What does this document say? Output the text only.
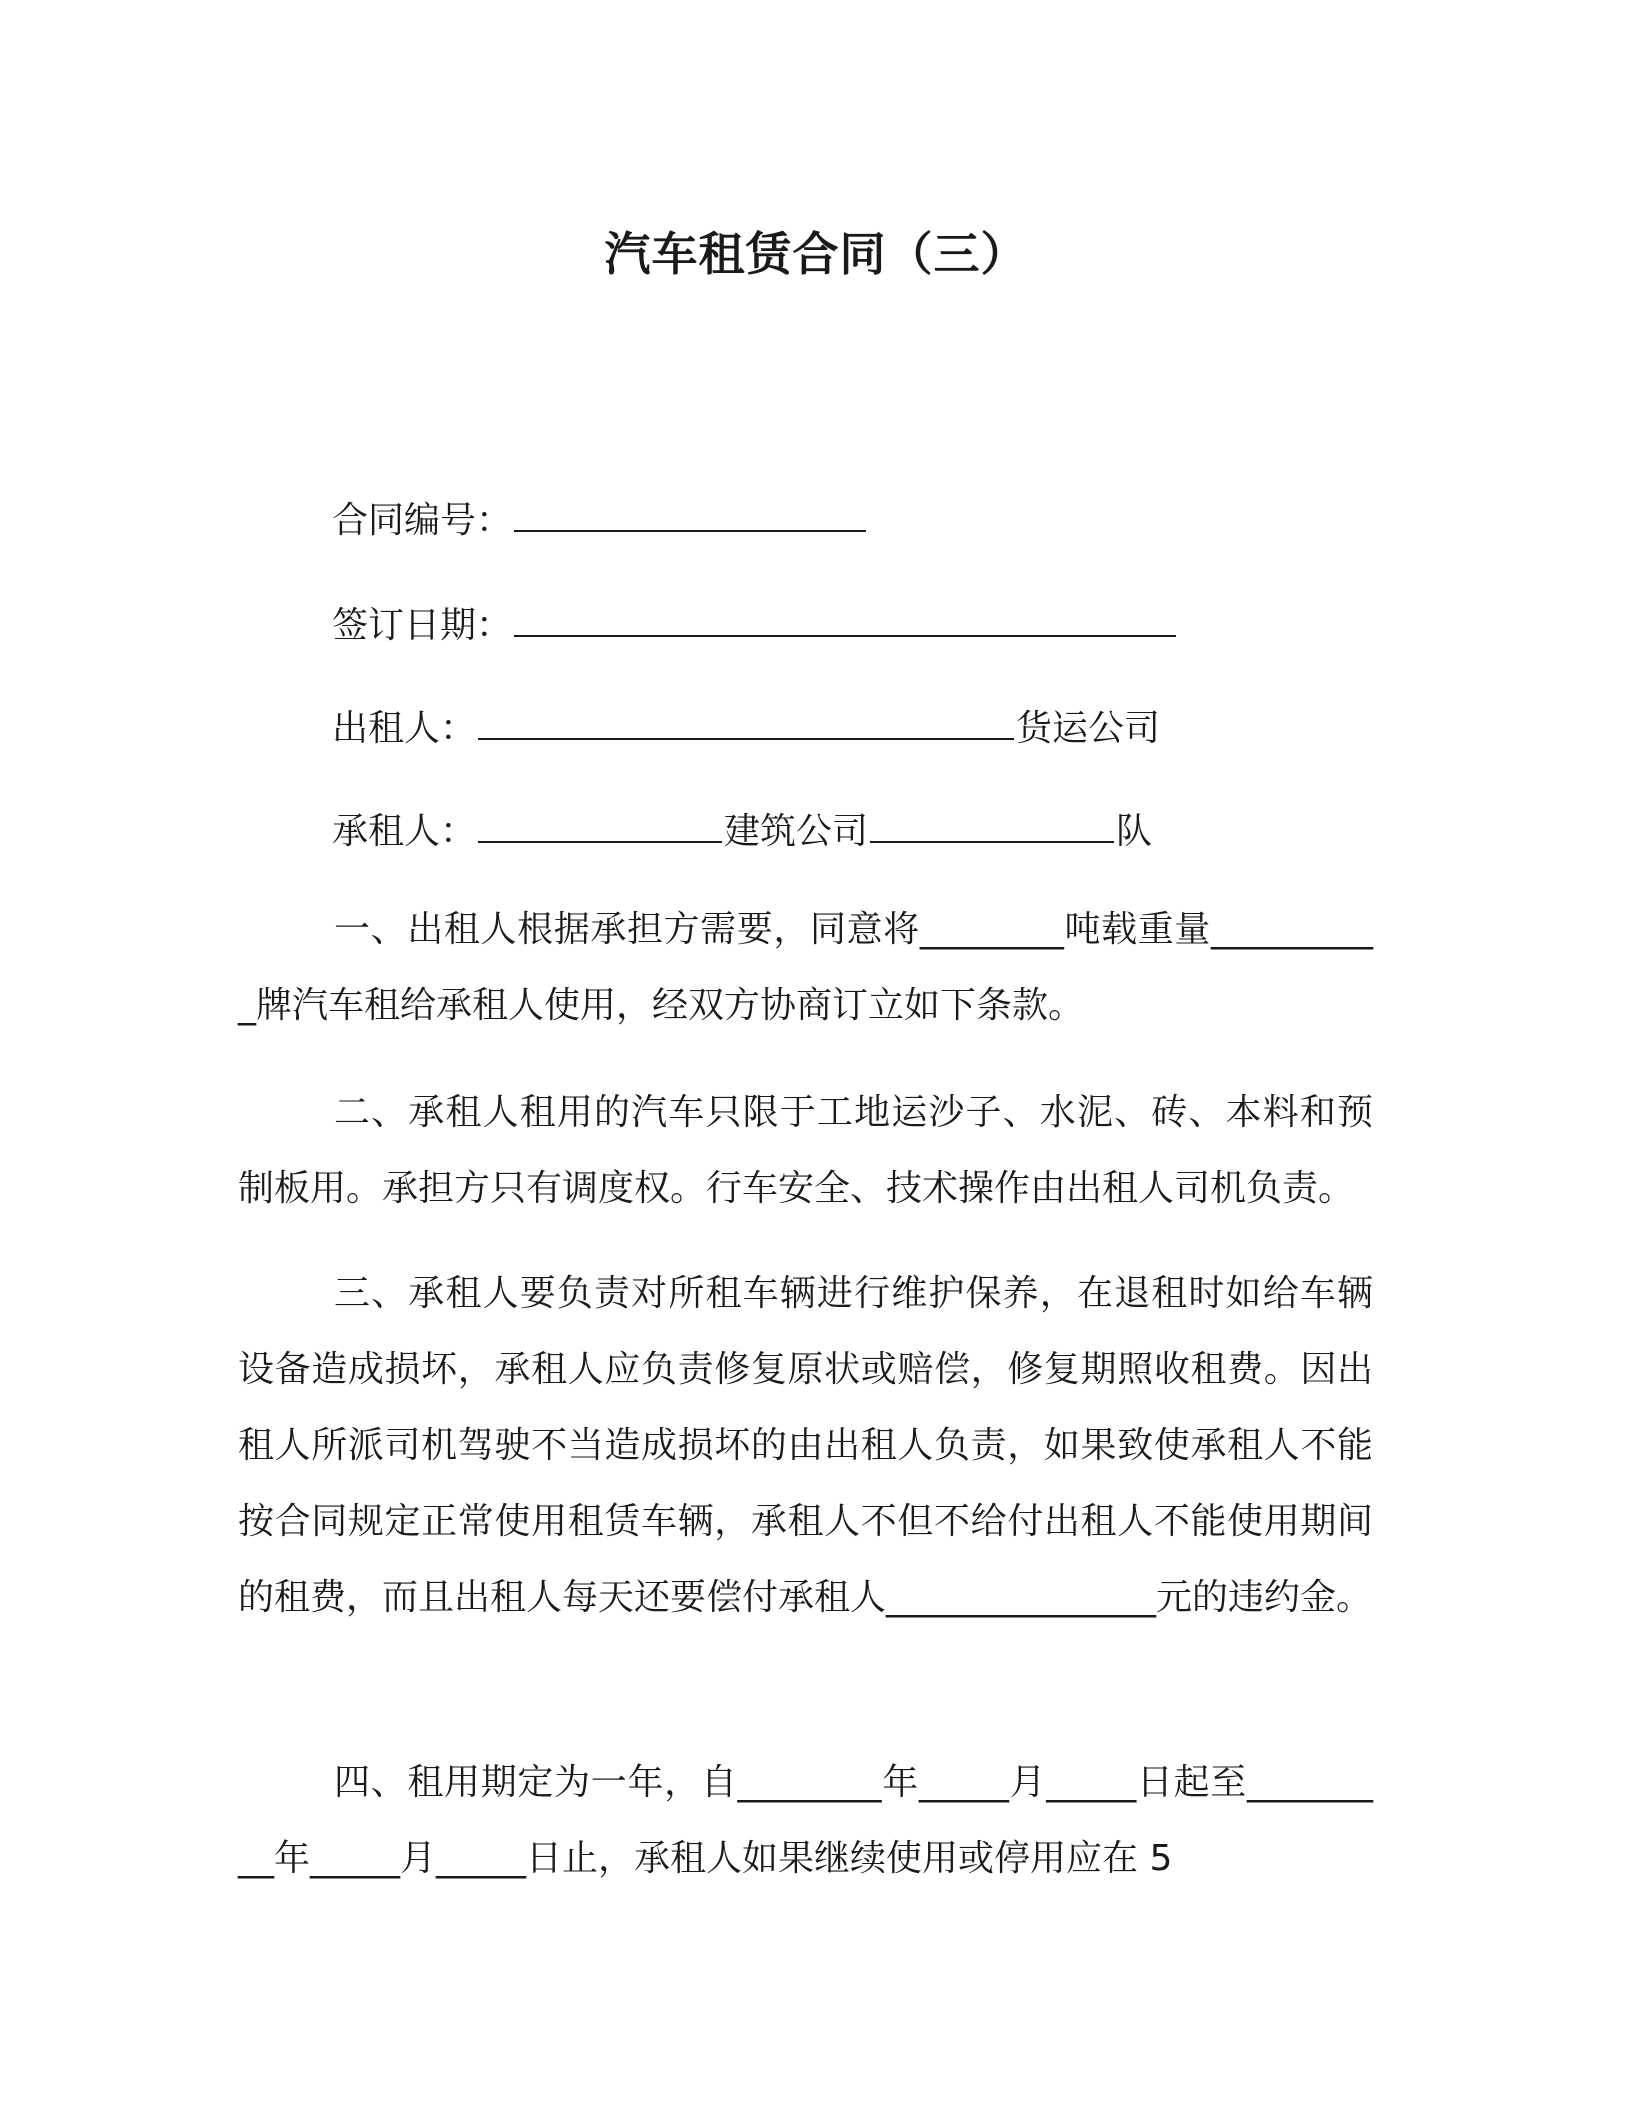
汽车租赁合同（三）
合同编号：
签订日期：
出租人：	货运公司
承租人：	建筑公司	队
一、出租人根据承担方需要，同意将________吨载重量__________牌汽车租给承租人使用，经双方协商订立如下条款。
二、承租人租用的汽车只限于工地运沙子、水泥、砖、本料和预制板用。承担方只有调度权。行车安全、技术操作由出租人司机负责。
三、承租人要负责对所租车辆进行维护保养，在退租时如给车辆设备造成损坏，承租人应负责修复原状或赔偿，修复期照收租费。因出租人所派司机驾驶不当造成损坏的由出租人负责，如果致使承租人不能按合同规定正常使用租赁车辆，承租人不但不给付出租人不能使用期间的租费，而且出租人每天还要偿付承租人_______________元的违约金。
四、租用期定为一年，自________年_____月_____日起至_________年_____月_____日止，承租人如果继续使用或停用应在 5
